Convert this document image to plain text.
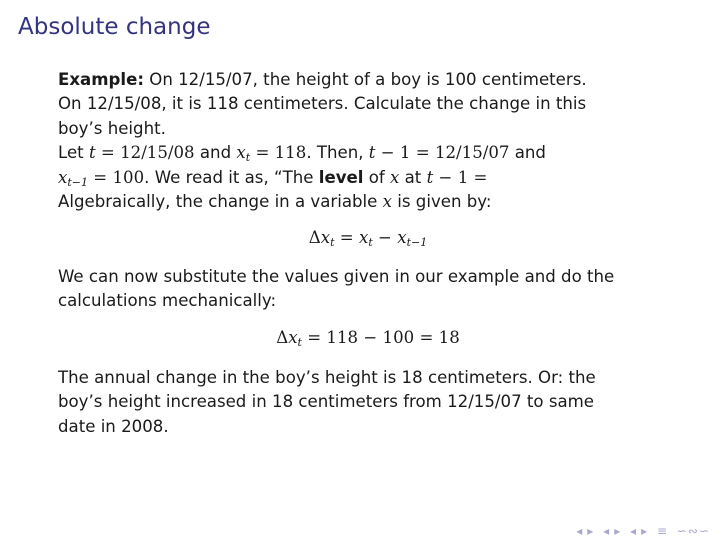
Absolute change
Example: On 12/15/07, the height of a boy is 100 centimeters.
On 12/15/08, it is 118 centimeters. Calculate the change in this
boy’s height.
Let t = 12/15/08 and $x_t = 118$. Then, t − 1 = 12/15/07 and
$x_{t-1} = 100$. We read it as, “The level of x at t − 1 =
Algebraically, the change in a variable x is given by:
$\Delta x_t = x_t - x_{t-1}$
We can now substitute the values given in our example and do the
calculations mechanically:
$\Delta x_t = 118 - 100 = 18$
The annual change in the boy’s height is 18 centimeters. Or: the
boy’s height increased in 18 centimeters from 12/15/07 to same
date in 2008.
◂ ▸ ◂ ▸ ◂ ▸ ≡ ∽∾∽
